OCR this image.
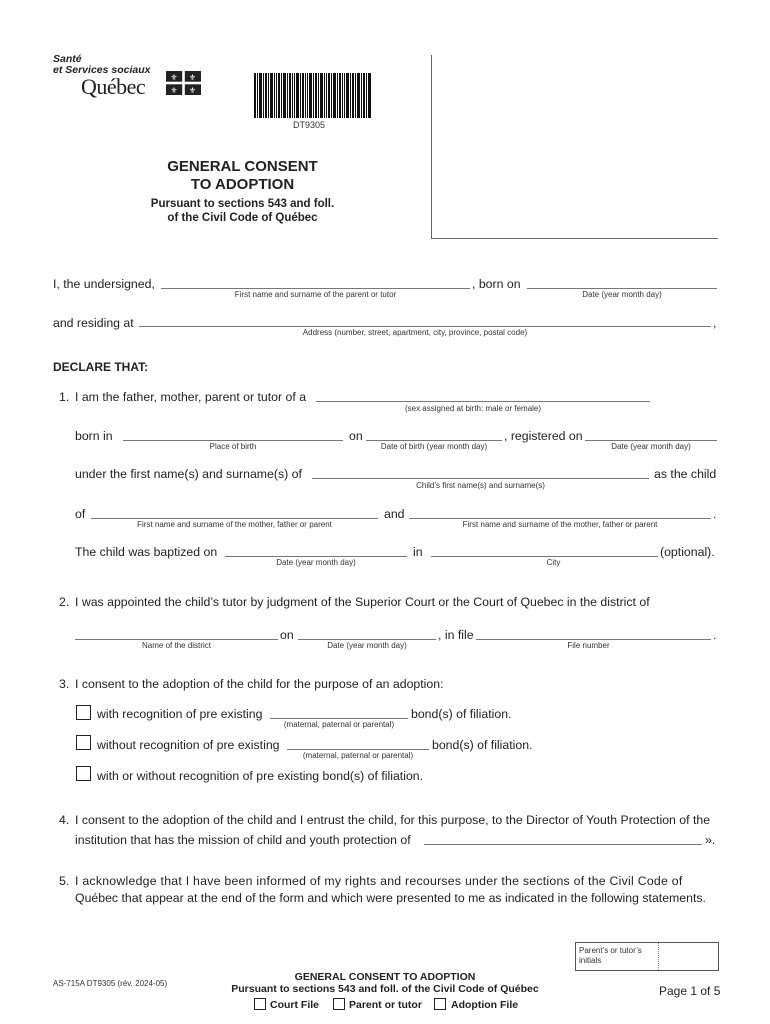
Santé
et Services sociaux
Québec	⚜ ⚜
⚜ ⚜
DT9305
GENERAL CONSENT
TO ADOPTION
Pursuant to sections 543 and foll.
of the Civil Code of Québec
I, the undersigned,
First name and surname of the parent or tutor
, born on
Date (year month day)
and residing at	,
Address (number, street, apartment, city, province, postal code)
DECLARE THAT:
1. I am the father, mother, parent or tutor of a
(sex assigned at birth: male or female)
born in
Place of birth
on
Date of birth (year month day)
, registered on
Date (year month day)
under the first name(s) and surname(s) of
Child’s first name(s) and surname(s)
as the child
of
First name and surname of the mother, father or parent
and
First name and surname of the mother, father or parent
.
The child was baptized on
Date (year month day)
in
City
(optional).
2. I was appointed the child’s tutor by judgment of the Superior Court or the Court of Quebec in the district of
Name of the district
on
Date (year month day)
, in file
File number
.
3. I consent to the adoption of the child for the purpose of an adoption:
with recognition of pre existing
(maternal, paternal or parental)
bond(s) of filiation.
without recognition of pre existing
(maternal, paternal or parental)
bond(s) of filiation.
with or without recognition of pre existing bond(s) of filiation.
4. I consent to the adoption of the child and I entrust the child, for this purpose, to the Director of Youth Protection of the
institution that has the mission of child and youth protection of «	».
5. I acknowledge that I have been informed of my rights and recourses under the sections of the Civil Code of
Québec that appear at the end of the form and which were presented to me as indicated in the following statements.
Parent’s or tutor’s initials
AS-715A DT9305 (rév. 2024-05)
GENERAL CONSENT TO ADOPTION
Pursuant to sections 543 and foll. of the Civil Code of Québec
Court File	Parent or tutor	Adoption File
Page 1 of 5
